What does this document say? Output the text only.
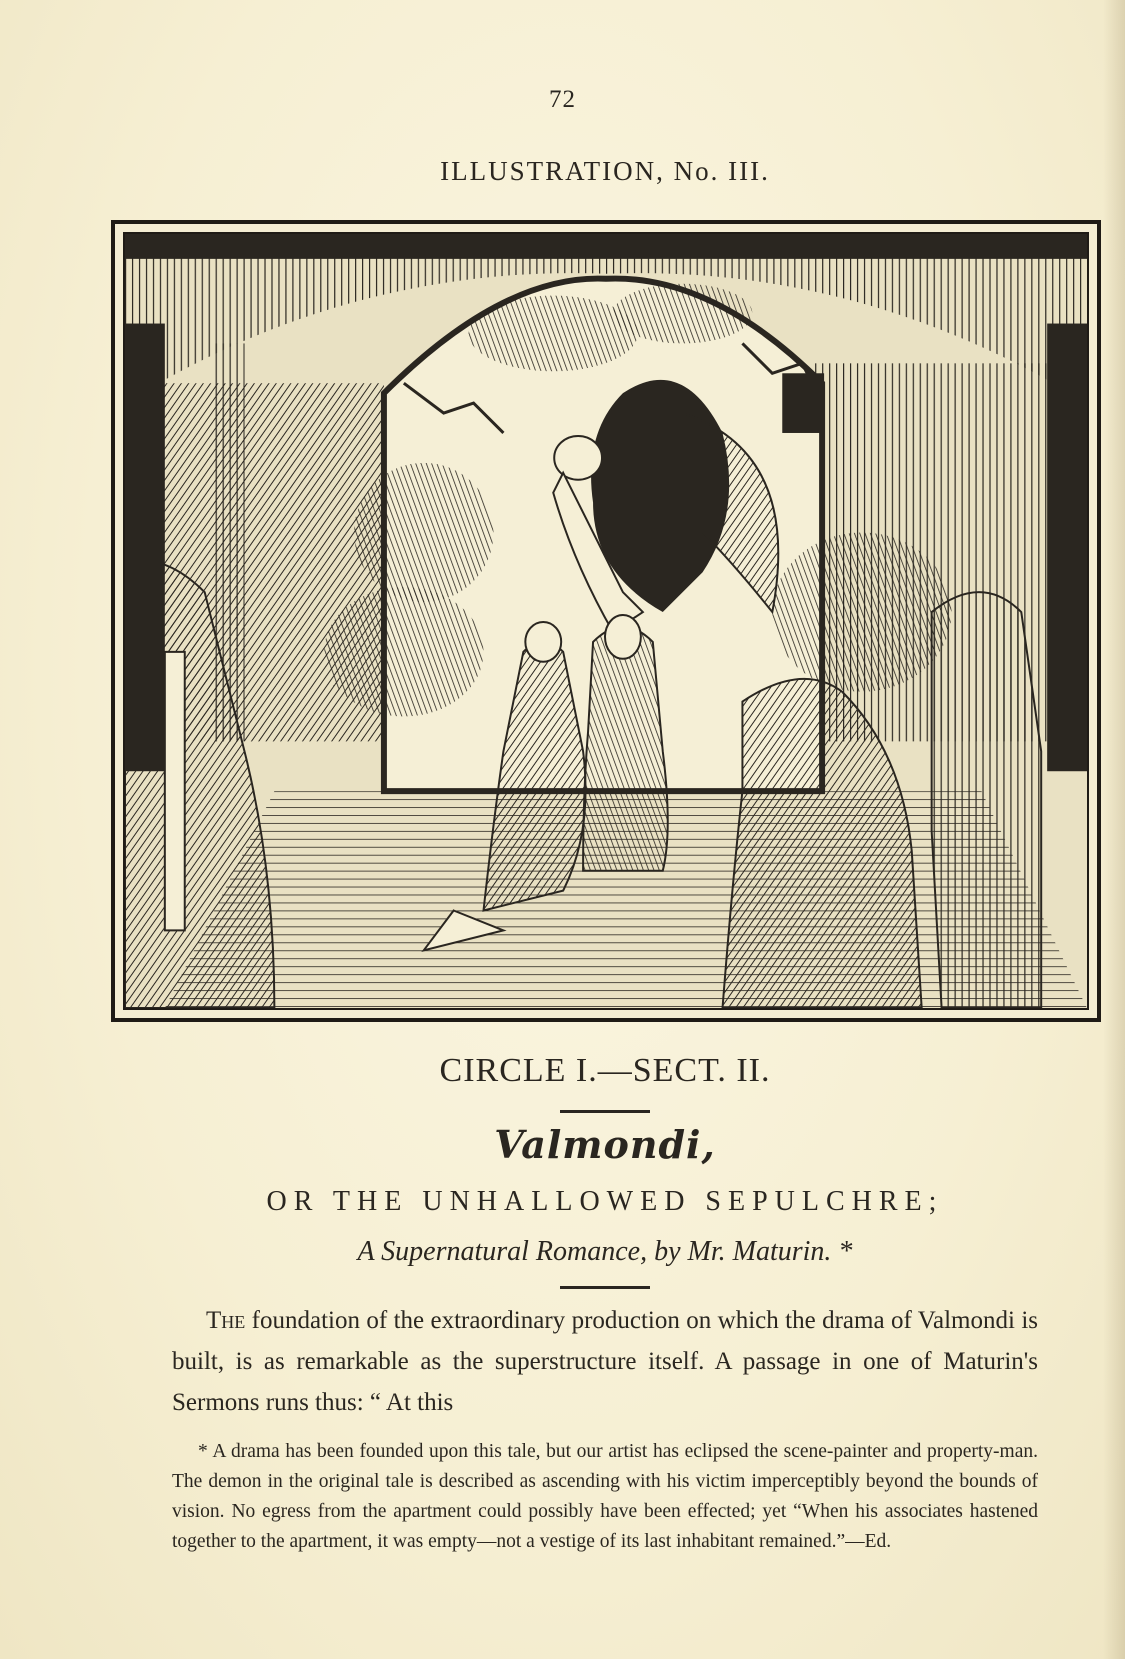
72
ILLUSTRATION, No. III.
CIRCLE I.—SECT. II.
Valmondi,
OR THE UNHALLOWED SEPULCHRE;
A Supernatural Romance, by Mr. Maturin. *
The foundation of the extraordinary production on which the drama of Valmondi is built, is as remarkable as the superstructure itself. A passage in one of Maturin's Sermons runs thus: “ At this
* A drama has been founded upon this tale, but our artist has eclipsed the scene-painter and property-man. The demon in the original tale is described as ascending with his victim imperceptibly beyond the bounds of vision. No egress from the apartment could possibly have been effected; yet “When his associates hastened together to the apartment, it was empty—not a vestige of its last inhabitant remained.”—Ed.
